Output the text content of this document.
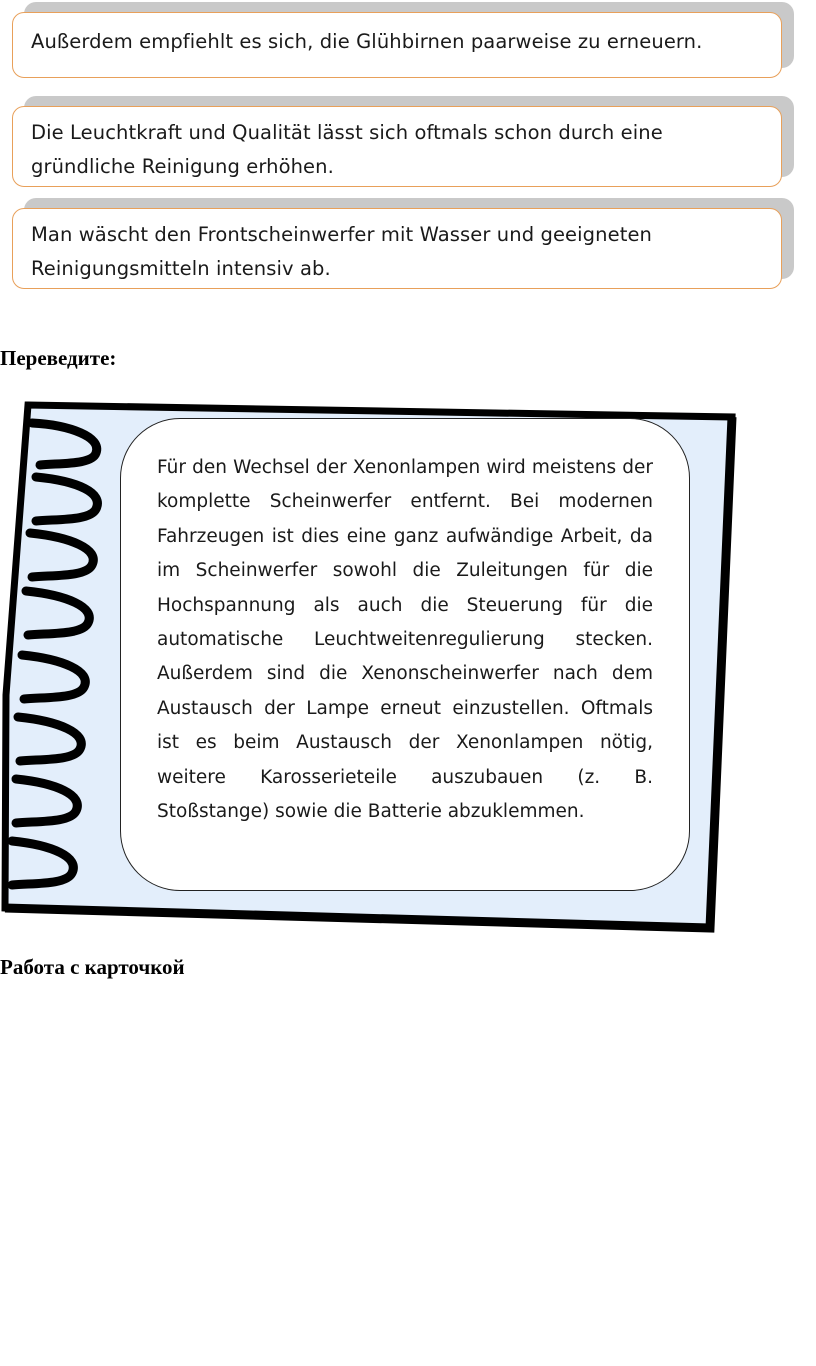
Außerdem empfiehlt es sich, die Glühbirnen paarweise zu erneuern.
Die Leuchtkraft und Qualität lässt sich oftmals schon durch eine gründliche Reinigung erhöhen.
Man wäscht den Frontscheinwerfer mit Wasser und geeigneten Reinigungsmitteln intensiv ab.
Переведите:

Für den Wechsel der Xenonlampen wird meistens der komplette Scheinwerfer entfernt. Bei modernen Fahrzeugen ist dies eine ganz aufwändige Arbeit, da im Scheinwerfer sowohl die Zuleitungen für die Hochspannung als auch die Steuerung für die automatische Leuchtweitenregulierung stecken. Außerdem sind die Xenonscheinwerfer nach dem Austausch der Lampe erneut einzustellen. Oftmals ist es beim Austausch der Xenonlampen nötig, weitere Karosserieteile auszubauen (z. B. Stoßstange) sowie die Batterie abzuklemmen.

Работа с карточкой
